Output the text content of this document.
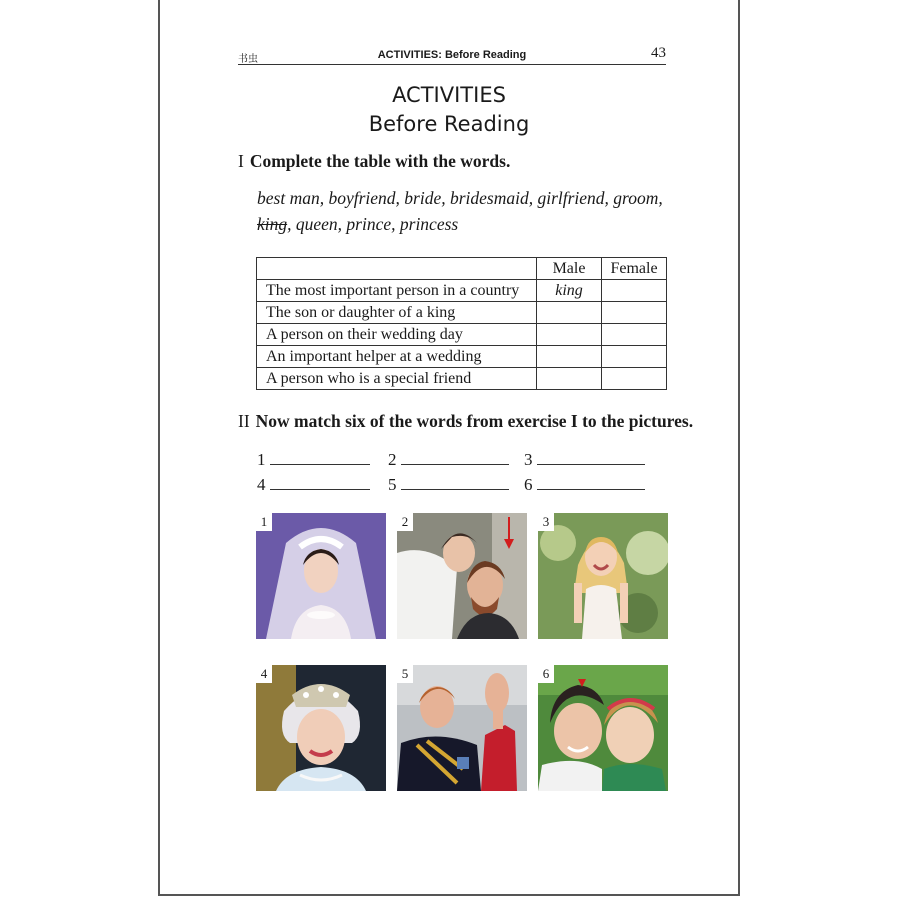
书虫	ACTIVITIES: Before Reading	43
ACTIVITIES
Before Reading
I Complete the table with the words.
best man, boyfriend, bride, bridesmaid, girlfriend, groom,
king, queen, prince, princess
	Male	Female
The most important person in a country	king	
The son or daughter of a king		
A person on their wedding day		
An important helper at a wedding		
A person who is a special friend		
II Now match six of the words from exercise I to the pictures.
1	2	3
4	5	6
1	2	3
4	5	6
